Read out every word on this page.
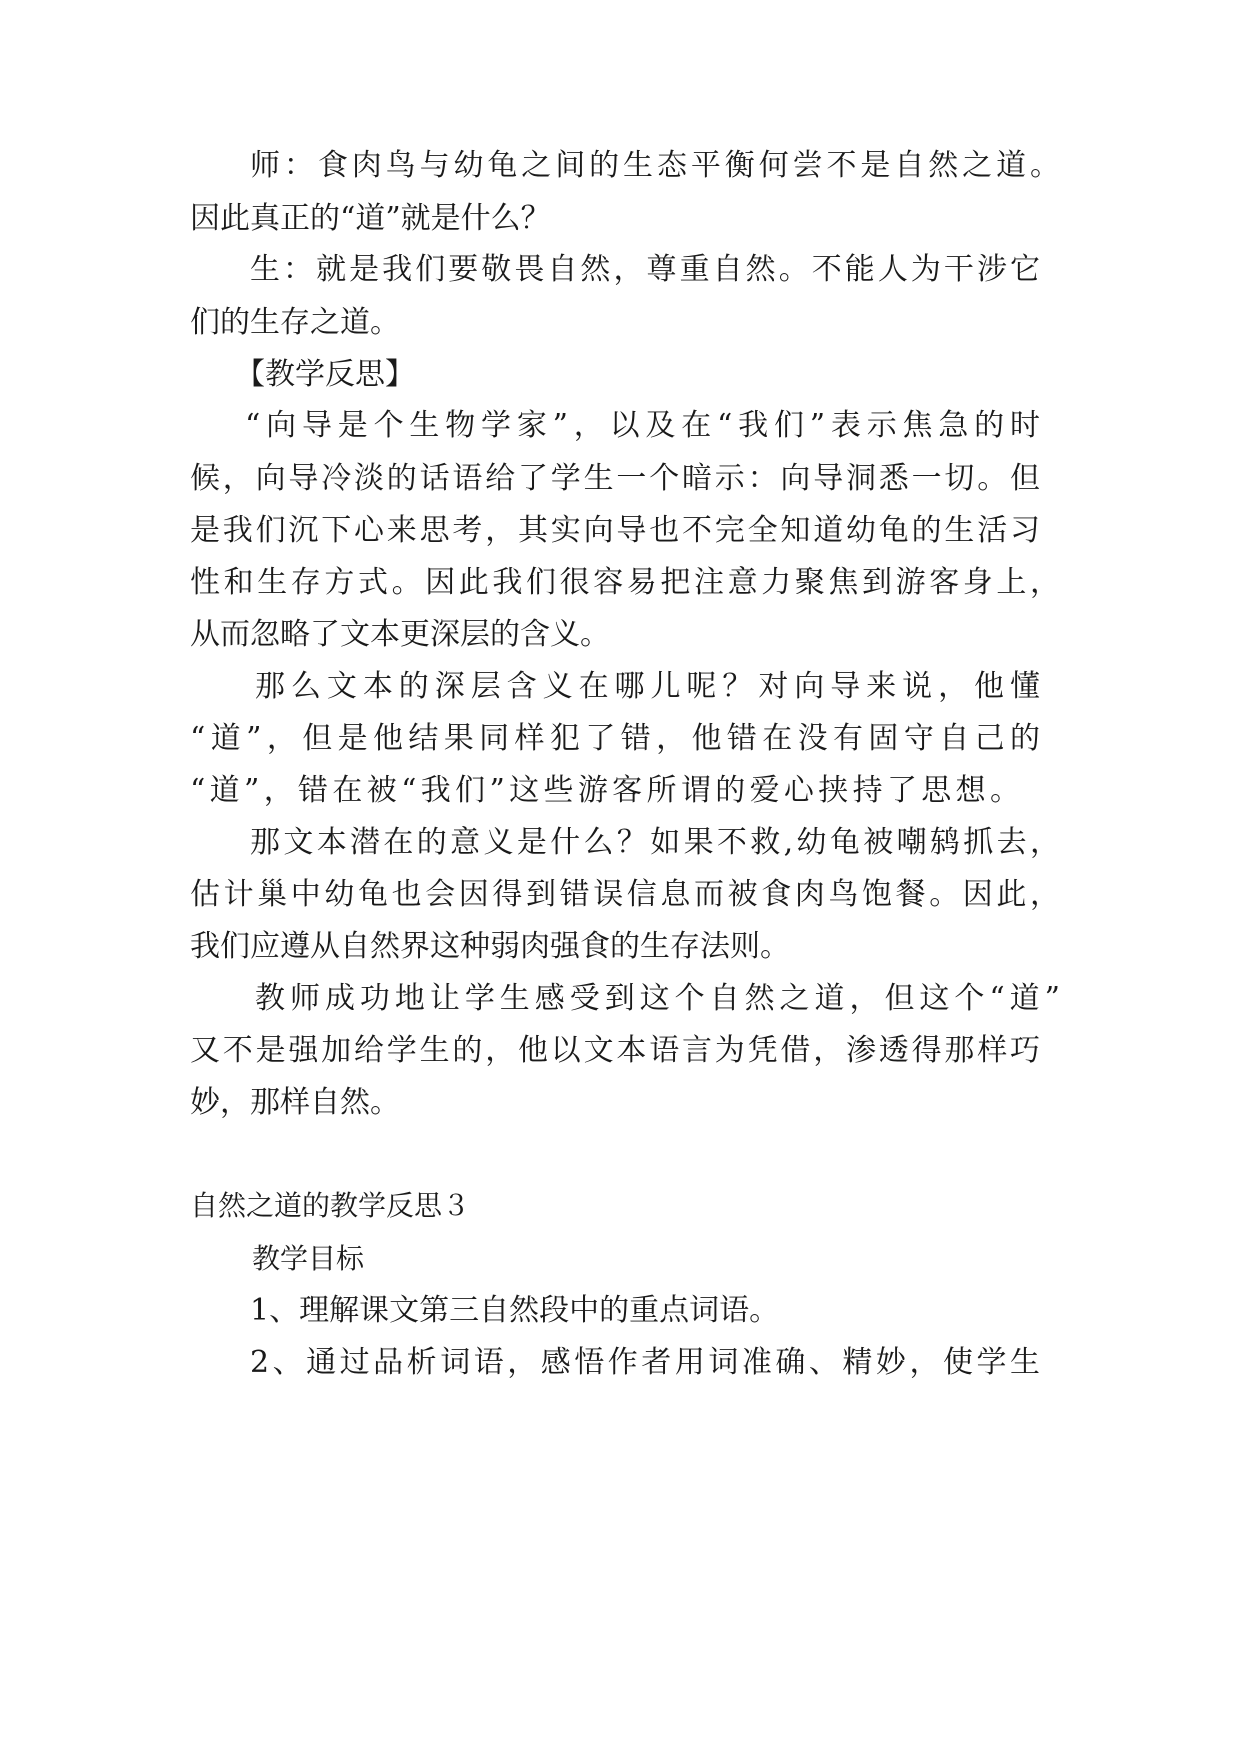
师：食肉鸟与幼龟之间的生态平衡何尝不是自然之道。
因此真正的“道”就是什么？
生：就是我们要敬畏自然，尊重自然。不能人为干涉它
们的生存之道。
【教学反思】
“向导是个生物学家”，以及在“我们”表示焦急的时
候，向导冷淡的话语给了学生一个暗示：向导洞悉一切。但
是我们沉下心来思考，其实向导也不完全知道幼龟的生活习
性和生存方式。因此我们很容易把注意力聚焦到游客身上，
从而忽略了文本更深层的含义。
那么文本的深层含义在哪儿呢？对向导来说，他懂
“道”，但是他结果同样犯了错，他错在没有固守自己的
“道”，错在被“我们”这些游客所谓的爱心挟持了思想。
那文本潜在的意义是什么？如果不救,幼龟被嘲鸫抓去，
估计巢中幼龟也会因得到错误信息而被食肉鸟饱餐。因此，
我们应遵从自然界这种弱肉强食的生存法则。
教师成功地让学生感受到这个自然之道，但这个“道”
又不是强加给学生的，他以文本语言为凭借，渗透得那样巧
妙，那样自然。
自然之道的教学反思３
教学目标
1、理解课文第三自然段中的重点词语。
2、通过品析词语，感悟作者用词准确、精妙，使学生
